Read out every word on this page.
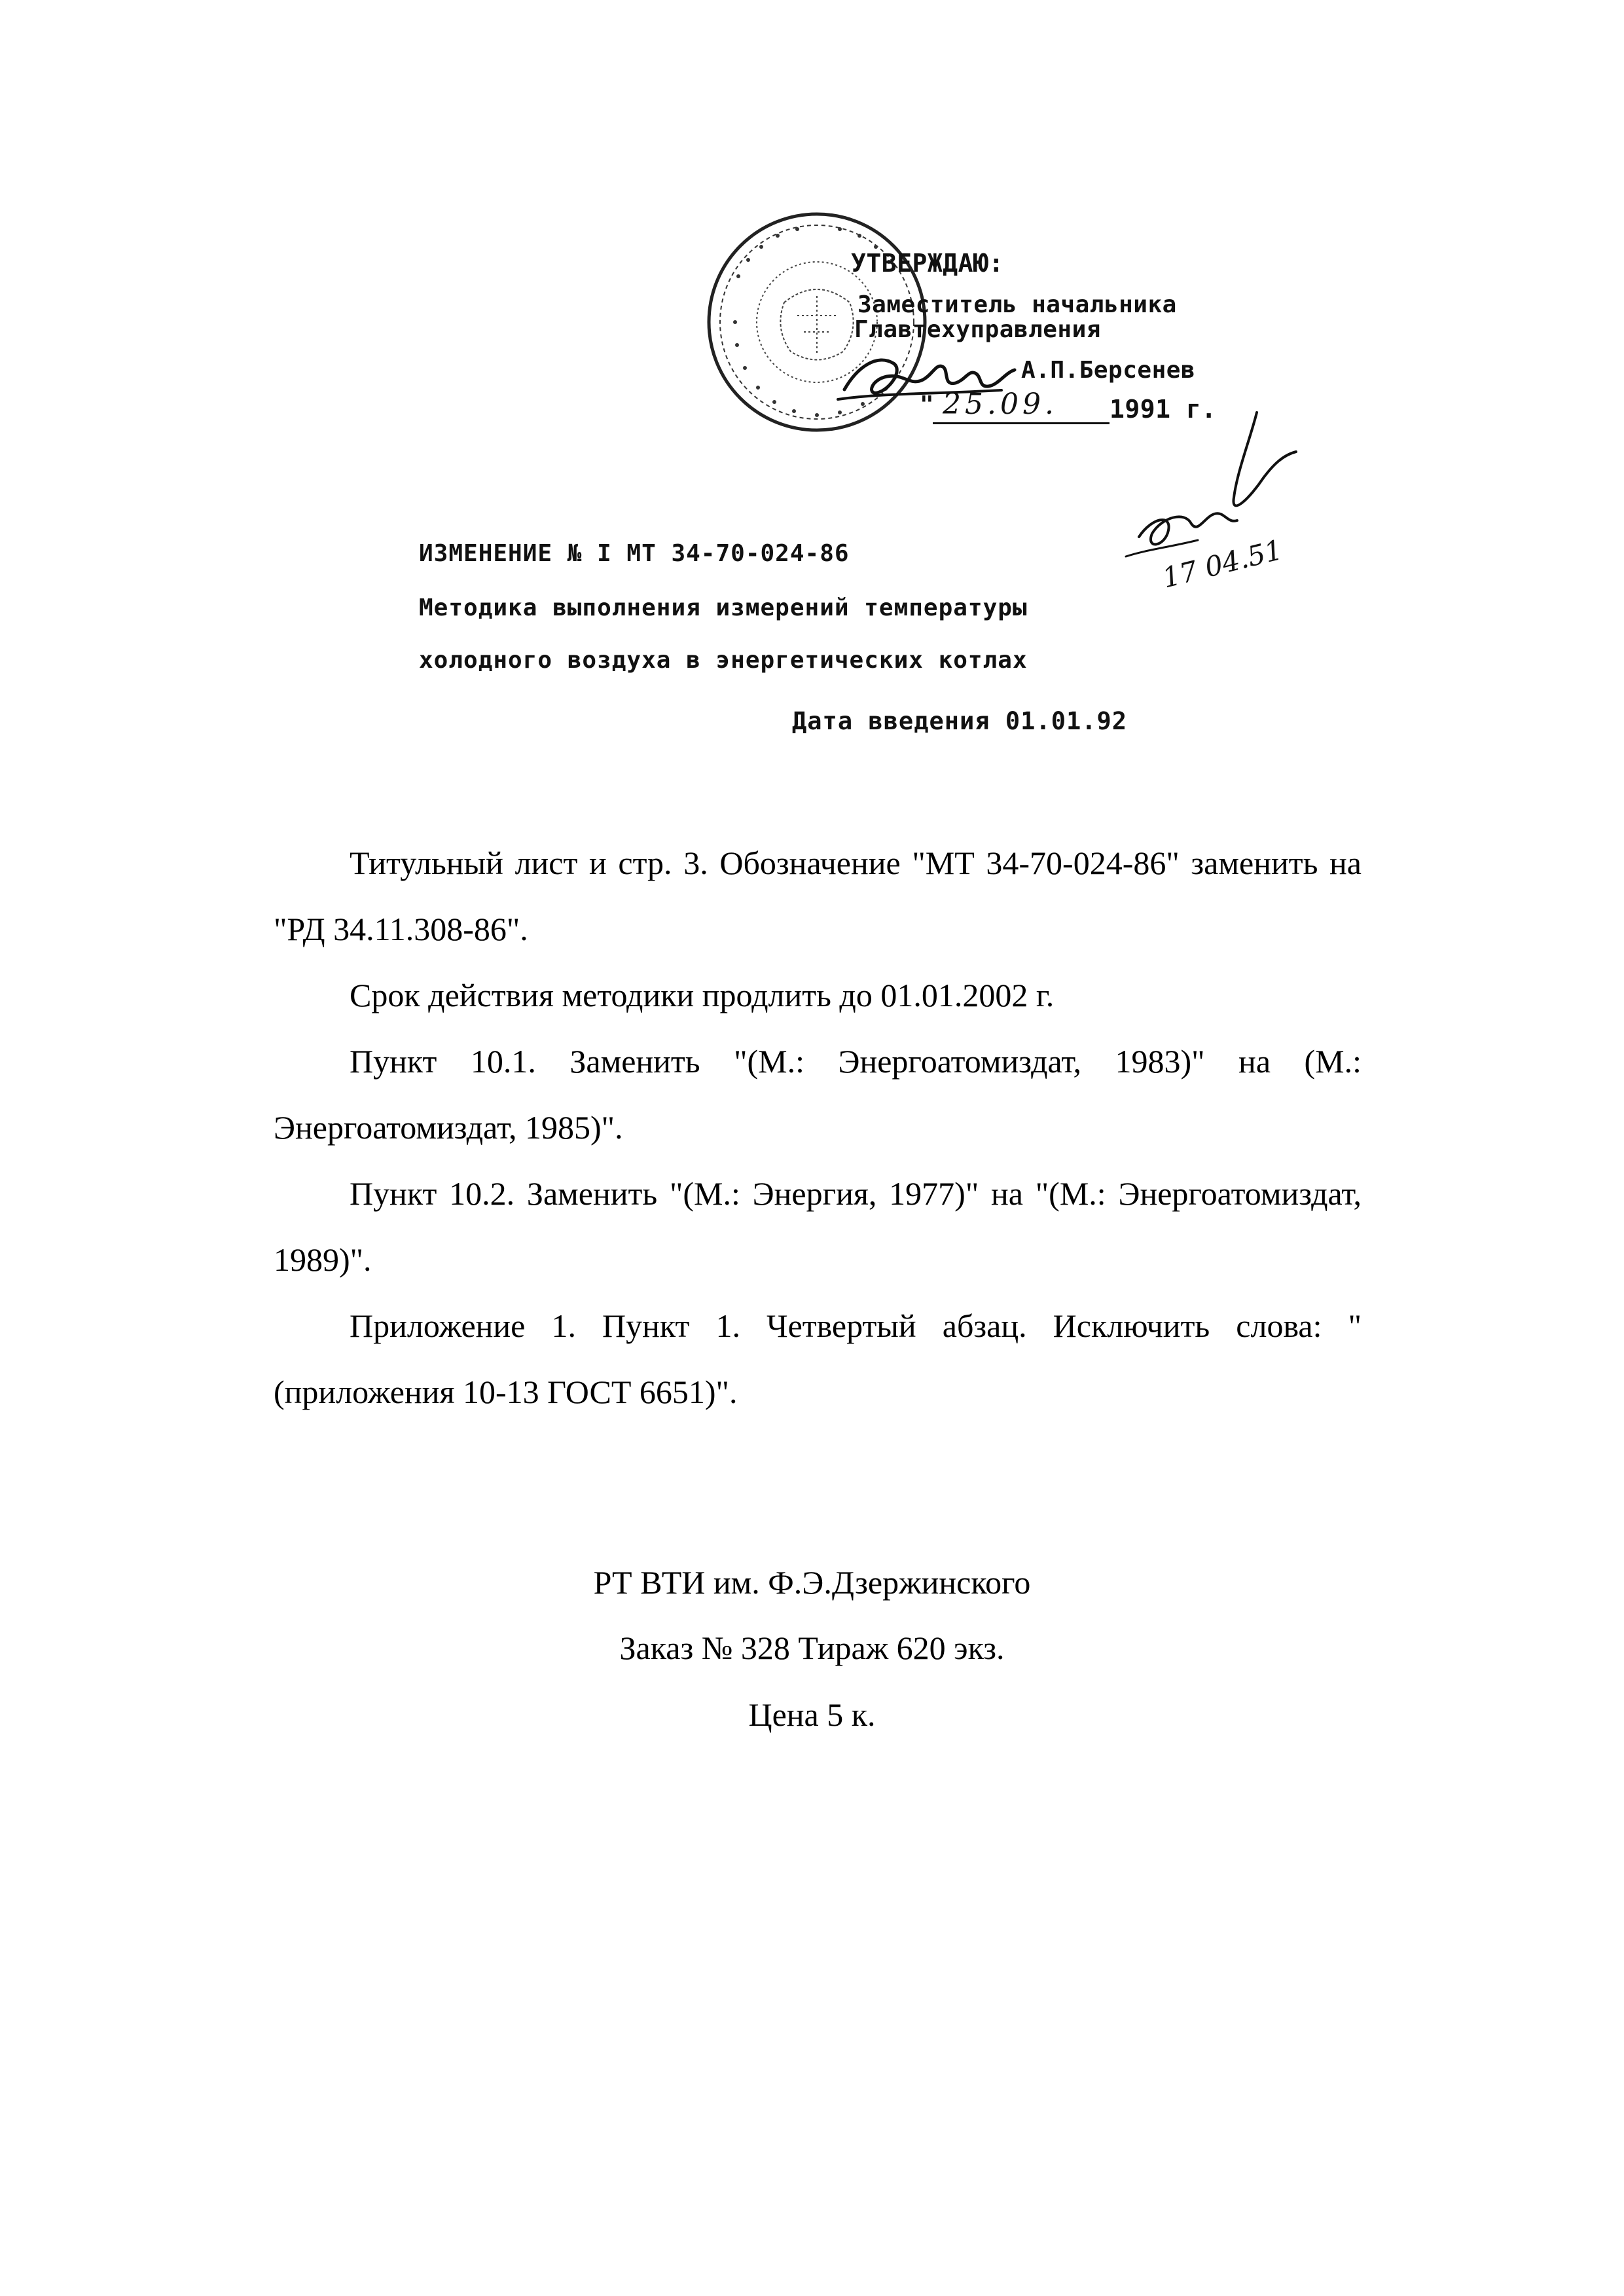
УТВЕРЖДАЮ:
Заместитель начальника
Главтехуправления
А.П.Берсенев
" 25.09. 1991 г.
17 04.51
ИЗМЕНЕНИЕ № I МТ 34-70-024-86
Методика выполнения измерений температуры
холодного воздуха в энергетических котлах
Дата введения 01.01.92

Титульный лист и стр. 3. Обозначение "МТ 34-70-024-86" заменить на "РД 34.11.308-86".

Срок действия методики продлить до 01.01.2002 г.

Пункт 10.1. Заменить "(М.: Энергоатомиздат, 1983)" на (М.: Энергоатомиздат, 1985)".

Пункт 10.2. Заменить "(М.: Энергия, 1977)" на "(М.: Энергоатомиздат, 1989)".

Приложение 1. Пункт 1. Четвертый абзац. Исключить слова: "(приложения 10-13 ГОСТ 6651)".

РТ ВТИ им. Ф.Э.Дзержинского
Заказ № 328 Тираж 620 экз.
Цена 5 к.
